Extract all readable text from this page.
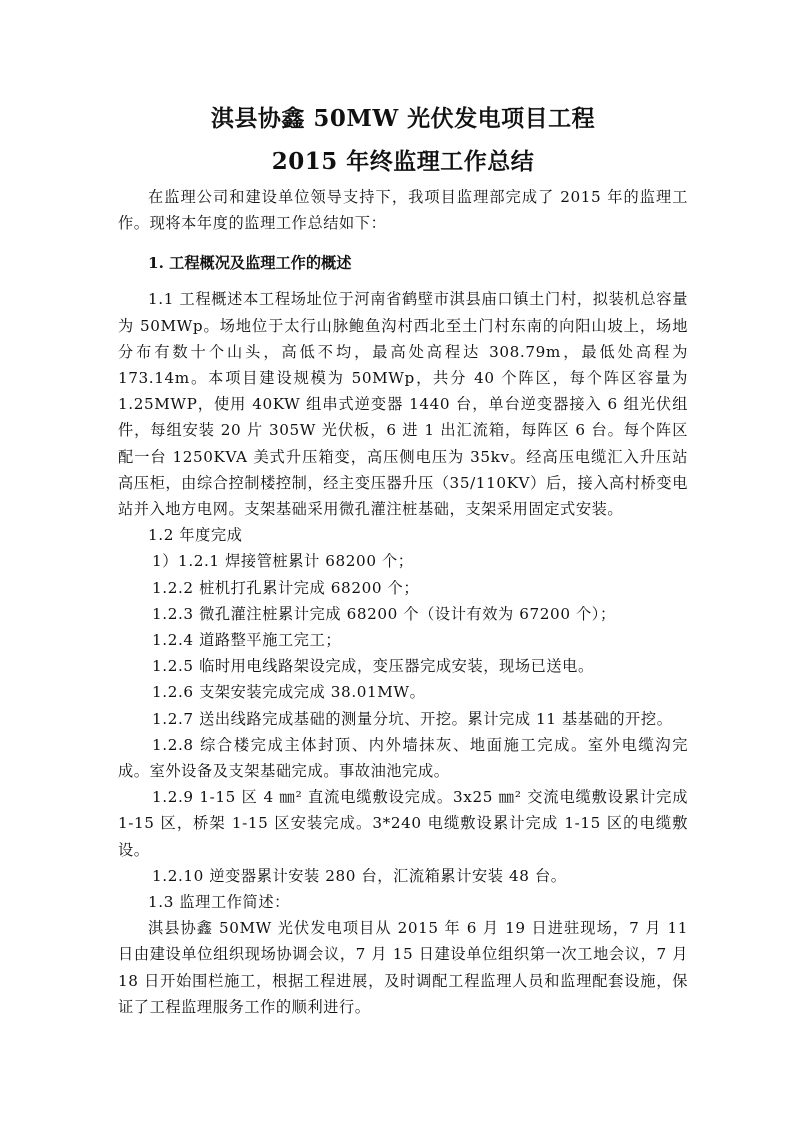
淇县协鑫 50MW 光伏发电项目工程
2015 年终监理工作总结

在监理公司和建设单位领导支持下，我项目监理部完成了 2015 年的监理工作。现将本年度的监理工作总结如下：

1. 工程概况及监理工作的概述

1.1 工程概述本工程场址位于河南省鹤壁市淇县庙口镇土门村，拟装机总容量为 50MWp。场地位于太行山脉鲍鱼沟村西北至土门村东南的向阳山坡上，场地分布有数十个山头，高低不均，最高处高程达 308.79m，最低处高程为 173.14m。本项目建设规模为 50MWp，共分 40 个阵区，每个阵区容量为 1.25MWP，使用 40KW 组串式逆变器 1440 台，单台逆变器接入 6 组光伏组件，每组安装 20 片 305W 光伏板，6 进 1 出汇流箱，每阵区 6 台。每个阵区配一台 1250KVA 美式升压箱变，高压侧电压为 35kv。经高压电缆汇入升压站高压柜，由综合控制楼控制，经主变压器升压（35/110KV）后，接入高村桥变电站并入地方电网。支架基础采用微孔灌注桩基础，支架采用固定式安装。

1.2 年度完成

1）1.2.1 焊接管桩累计 68200 个；

1.2.2 桩机打孔累计完成 68200 个；

1.2.3 微孔灌注桩累计完成 68200 个（设计有效为 67200 个）；

1.2.4 道路整平施工完工；

1.2.5 临时用电线路架设完成，变压器完成安装，现场已送电。

1.2.6 支架安装完成完成 38.01MW。

1.2.7 送出线路完成基础的测量分坑、开挖。累计完成 11 基基础的开挖。

1.2.8 综合楼完成主体封顶、内外墙抹灰、地面施工完成。室外电缆沟完成。室外设备及支架基础完成。事故油池完成。

1.2.9 1-15 区 4 ㎜² 直流电缆敷设完成。3x25 ㎜² 交流电缆敷设累计完成 1-15 区，桥架 1-15 区安装完成。3*240 电缆敷设累计完成 1-15 区的电缆敷设。

1.2.10 逆变器累计安装 280 台，汇流箱累计安装 48 台。

1.3 监理工作简述：

淇县协鑫 50MW 光伏发电项目从 2015 年 6 月 19 日进驻现场，7 月 11 日由建设单位组织现场协调会议，7 月 15 日建设单位组织第一次工地会议，7 月 18 日开始围栏施工，根据工程进展，及时调配工程监理人员和监理配套设施，保证了工程监理服务工作的顺利进行。
